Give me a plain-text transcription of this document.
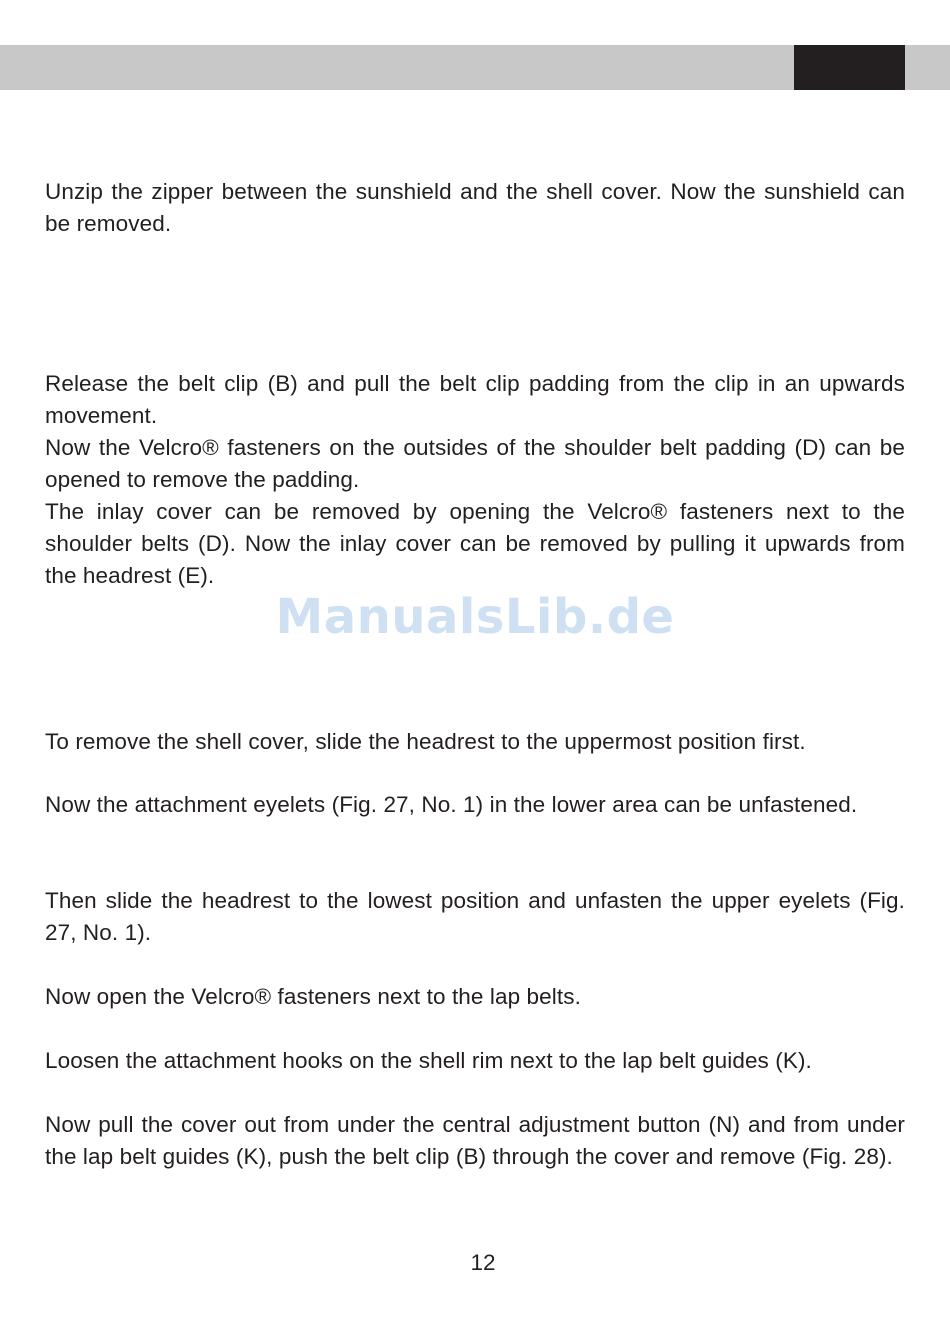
Unzip the zipper between the sunshield and the shell cover. Now the sunshield can be removed.

Release the belt clip (B) and pull the belt clip padding from the clip in an upwards movement.

Now the Velcro® fasteners on the outsides of the shoulder belt padding (D) can be opened to remove the padding.

The inlay cover can be removed by opening the Velcro® fasteners next to the shoulder belts (D). Now the inlay cover can be removed by pulling it upwards from the headrest (E).

ManualsLib.de

To remove the shell cover, slide the headrest to the uppermost position first.

Now the attachment eyelets (Fig. 27, No. 1) in the lower area can be unfastened.

Then slide the headrest to the lowest position and unfasten the upper eyelets (Fig. 27, No. 1).

Now open the Velcro® fasteners next to the lap belts.

Loosen the attachment hooks on the shell rim next to the lap belt guides (K).

Now pull the cover out from under the central adjustment button (N) and from under the lap belt guides (K), push the belt clip (B) through the cover and remove (Fig. 28).

12
